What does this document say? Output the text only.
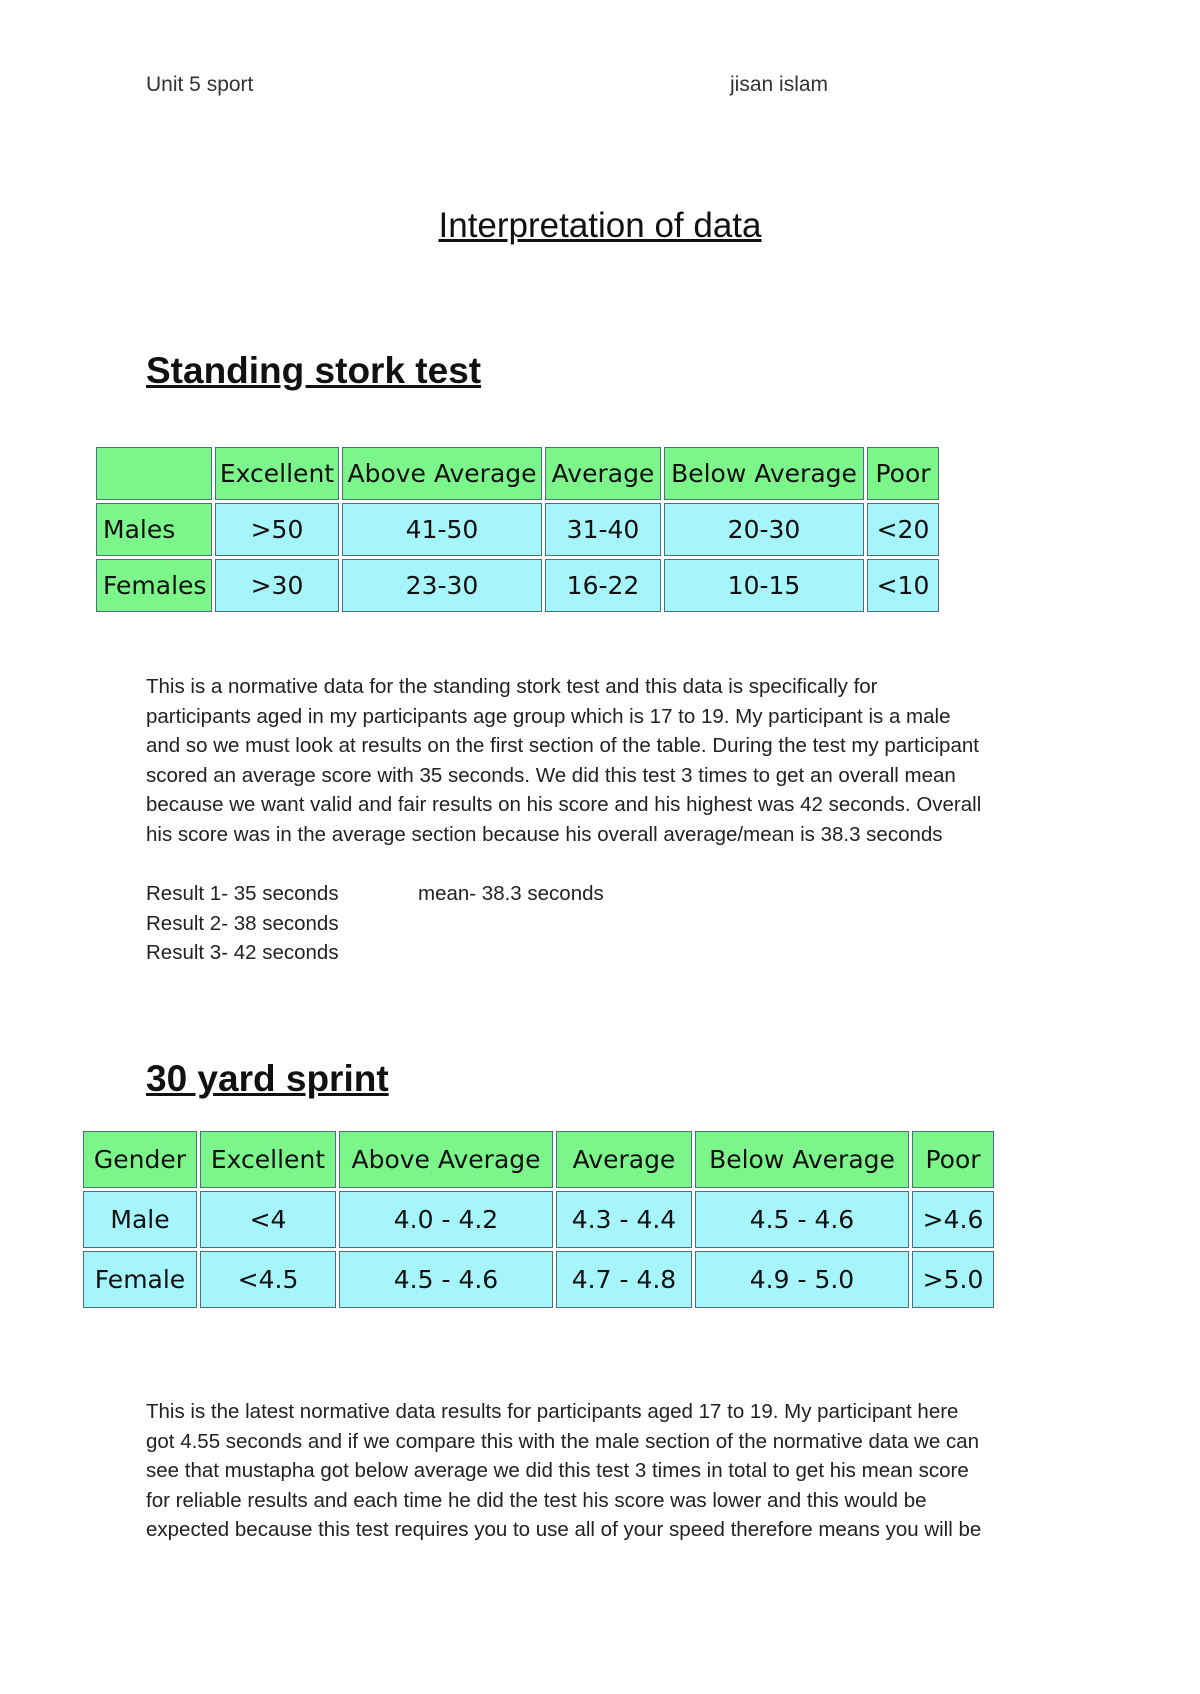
Unit 5 sport	jisan islam
Interpretation of data
Standing stork test
	Excellent	Above Average	Average	Below Average	Poor
Males	>50	41-50	31-40	20-30	<20
Females	>30	23-30	16-22	10-15	<10
This is a normative data for the standing stork test and this data is specifically for
participants aged in my participants age group which is 17 to 19. My participant is a male
and so we must look at results on the first section of the table. During the test my participant
scored an average score with 35 seconds. We did this test 3 times to get an overall mean
because we want valid and fair results on his score and his highest was 42 seconds. Overall
his score was in the average section because his overall average/mean is 38.3 seconds
Result 1- 35 seconds
Result 2- 38 seconds
Result 3- 42 seconds
mean- 38.3 seconds
30 yard sprint
Gender	Excellent	Above Average	Average	Below Average	Poor
Male	<4	4.0 - 4.2	4.3 - 4.4	4.5 - 4.6	>4.6
Female	<4.5	4.5 - 4.6	4.7 - 4.8	4.9 - 5.0	>5.0
This is the latest normative data results for participants aged 17 to 19. My participant here
got 4.55 seconds and if we compare this with the male section of the normative data we can
see that mustapha got below average we did this test 3 times in total to get his mean score
for reliable results and each time he did the test his score was lower and this would be
expected because this test requires you to use all of your speed therefore means you will be
